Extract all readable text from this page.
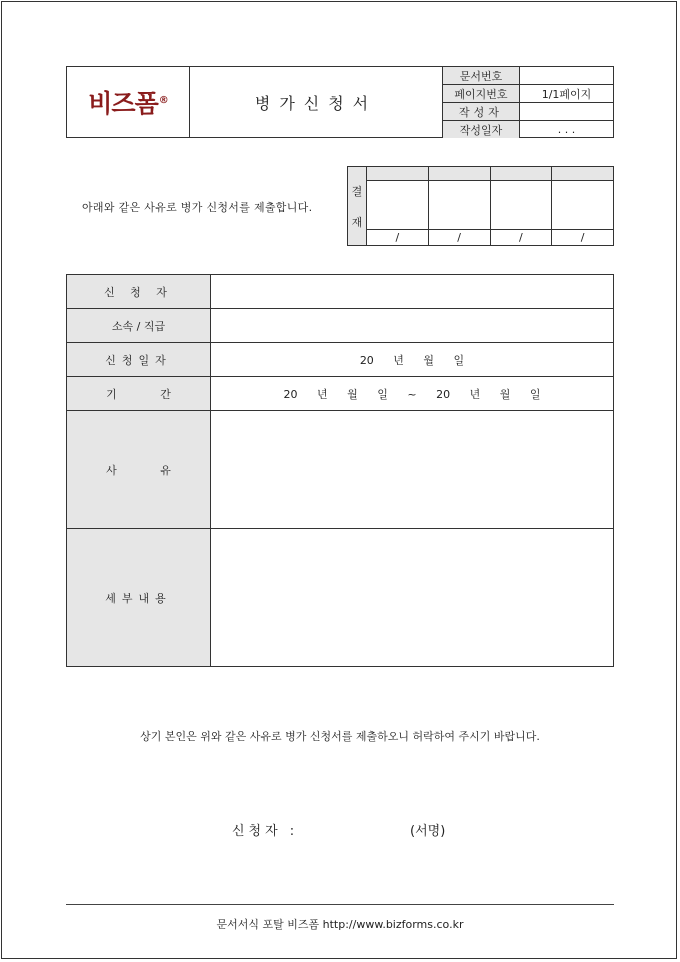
비즈폼®	병가신청서
문서번호	
페이지번호	1/1페이지
작성자	
작성일자	. . .
아래와 같은 사유로 병가 신청서를 제출합니다.
결
재
/	/	/	/
신 청 자	
소속 / 직급	
신청일자	20 년 월 일
기 간	20 년 월 일 ~ 20 년 월 일
사 유	
세부내용	
상기 본인은 위와 같은 사유로 병가 신청서를 제출하오니 허락하여 주시기 바랍니다.
신청자 :	(서명)
문서서식 포탈 비즈폼 http://www.bizforms.co.kr
